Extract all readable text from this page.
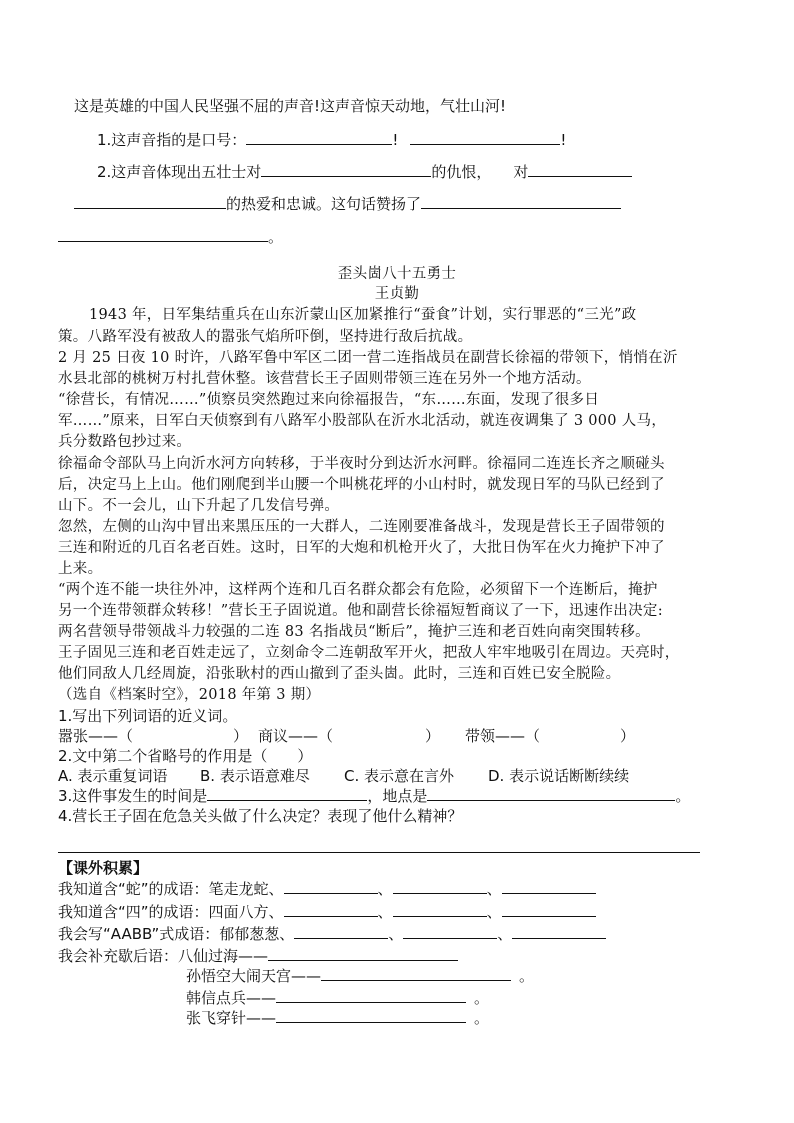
这是英雄的中国人民坚强不屈的声音!这声音惊天动地，气壮山河!
1.这声音指的是口号：	!	!
2.这声音体现出五壮士对	的仇恨， 对
的热爱和忠诚。这句话赞扬了
。
歪头崮八十五勇士
王贞勤
1943 年，日军集结重兵在山东沂蒙山区加紧推行“蚕食”计划，实行罪恶的“三光”政
策。八路军没有被敌人的嚣张气焰所吓倒，坚持进行敌后抗战。
2 月 25 日夜 10 时许，八路军鲁中军区二团一营二连指战员在副营长徐福的带领下，悄悄在沂
水县北部的桃树万村扎营休整。该营营长王子固则带领三连在另外一个地方活动。
“徐营长，有情况……”侦察员突然跑过来向徐福报告，“东……东面，发现了很多日
军……”原来，日军白天侦察到有八路军小股部队在沂水北活动，就连夜调集了 3 000 人马，
兵分数路包抄过来。
徐福命令部队马上向沂水河方向转移，于半夜时分到达沂水河畔。徐福同二连连长齐之顺碰头
后，决定马上上山。他们刚爬到半山腰一个叫桃花坪的小山村时，就发现日军的马队已经到了
山下。不一会儿，山下升起了几发信号弹。
忽然，左侧的山沟中冒出来黑压压的一大群人，二连刚要准备战斗，发现是营长王子固带领的
三连和附近的几百名老百姓。这时，日军的大炮和机枪开火了，大批日伪军在火力掩护下冲了
上来。
“两个连不能一块往外冲，这样两个连和几百名群众都会有危险，必须留下一个连断后，掩护
另一个连带领群众转移！”营长王子固说道。他和副营长徐福短暂商议了一下，迅速作出决定:
两名营领导带领战斗力较强的二连 83 名指战员“断后”，掩护三连和老百姓向南突围转移。
王子固见三连和老百姓走远了，立刻命令二连朝敌军开火，把敌人牢牢地吸引在周边。天亮时，
他们同敌人几经周旋，沿张耿村的西山撤到了歪头崮。此时，三连和百姓已安全脱险。
（选自《档案时空》，2018 年第 3 期）
1.写出下列词语的近义词。
嚣张——（	） 商议——（	） 带领——（	）
2.文中第二个省略号的作用是（ ）
A. 表示重复词语 B. 表示语意难尽 C. 表示意在言外 D. 表示说话断断续续
3.这件事发生的时间是	，地点是	。
4.营长王子固在危急关头做了什么决定？表现了他什么精神？
【课外积累】
我知道含“蛇”的成语：笔走龙蛇、	、	、
我知道含“四”的成语：四面八方、	、	、
我会写“AABB”式成语：郁郁葱葱、	、	、
我会补充歇后语：八仙过海——
孙悟空大闹天宫——	。
韩信点兵——	。
张飞穿针——	。
